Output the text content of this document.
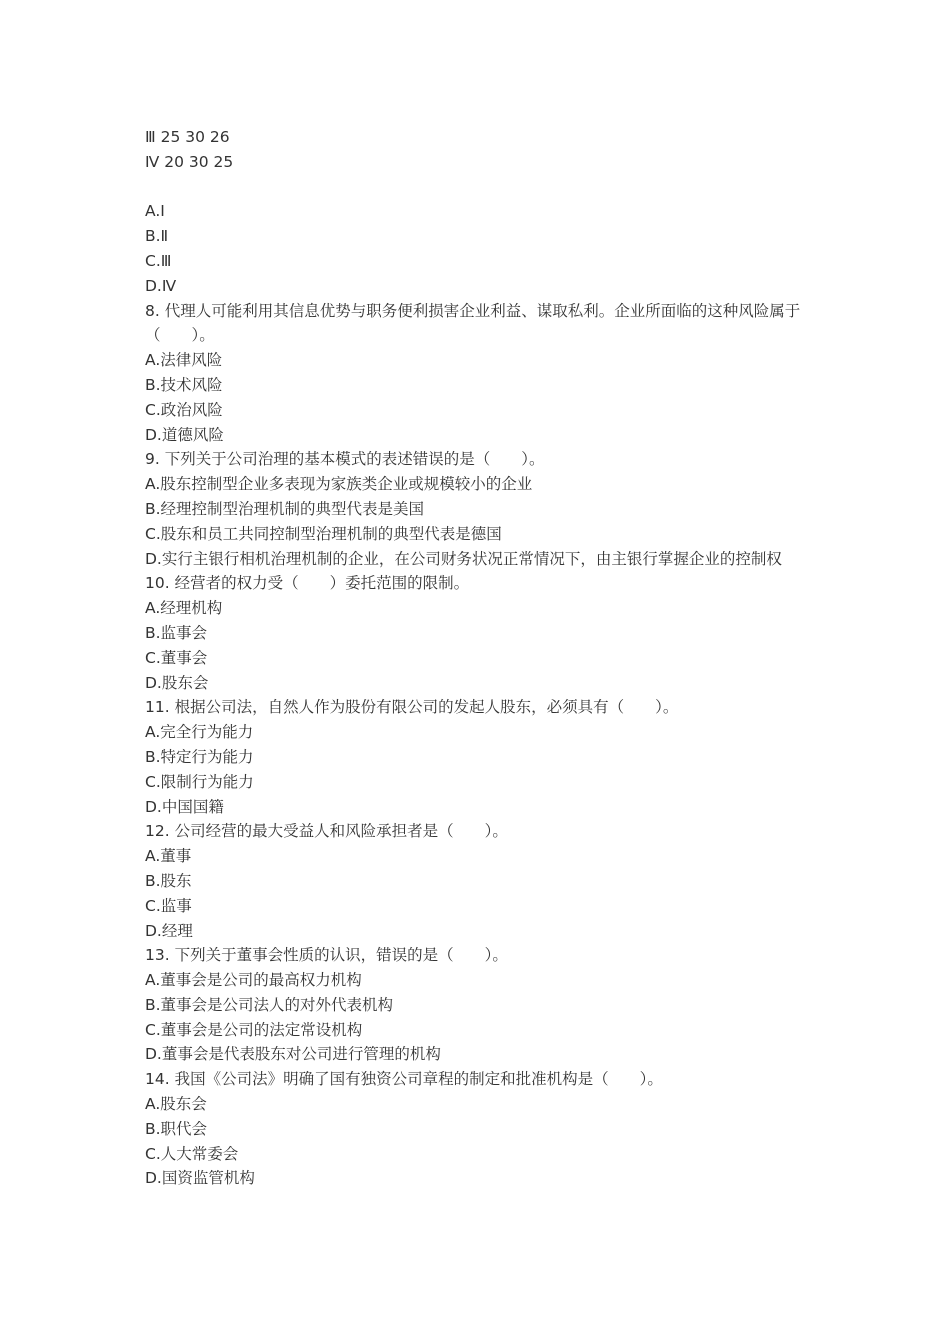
Ⅲ 25 30 26

Ⅳ 20 30 25

A.Ⅰ

B.Ⅱ

C.Ⅲ

D.Ⅳ

8. 代理人可能利用其信息优势与职务便利损害企业利益、谋取私利。企业所面临的这种风险属于（　　）。

A.法律风险

B.技术风险

C.政治风险

D.道德风险

9. 下列关于公司治理的基本模式的表述错误的是（　　）。

A.股东控制型企业多表现为家族类企业或规模较小的企业

B.经理控制型治理机制的典型代表是美国

C.股东和员工共同控制型治理机制的典型代表是德国

D.实行主银行相机治理机制的企业，在公司财务状况正常情况下，由主银行掌握企业的控制权

10. 经营者的权力受（　　）委托范围的限制。

A.经理机构

B.监事会

C.董事会

D.股东会

11. 根据公司法，自然人作为股份有限公司的发起人股东，必须具有（　　）。

A.完全行为能力

B.特定行为能力

C.限制行为能力

D.中国国籍

12. 公司经营的最大受益人和风险承担者是（　　）。

A.董事

B.股东

C.监事

D.经理

13. 下列关于董事会性质的认识，错误的是（　　）。

A.董事会是公司的最高权力机构

B.董事会是公司法人的对外代表机构

C.董事会是公司的法定常设机构

D.董事会是代表股东对公司进行管理的机构

14. 我国《公司法》明确了国有独资公司章程的制定和批准机构是（　　）。

A.股东会

B.职代会

C.人大常委会

D.国资监管机构
